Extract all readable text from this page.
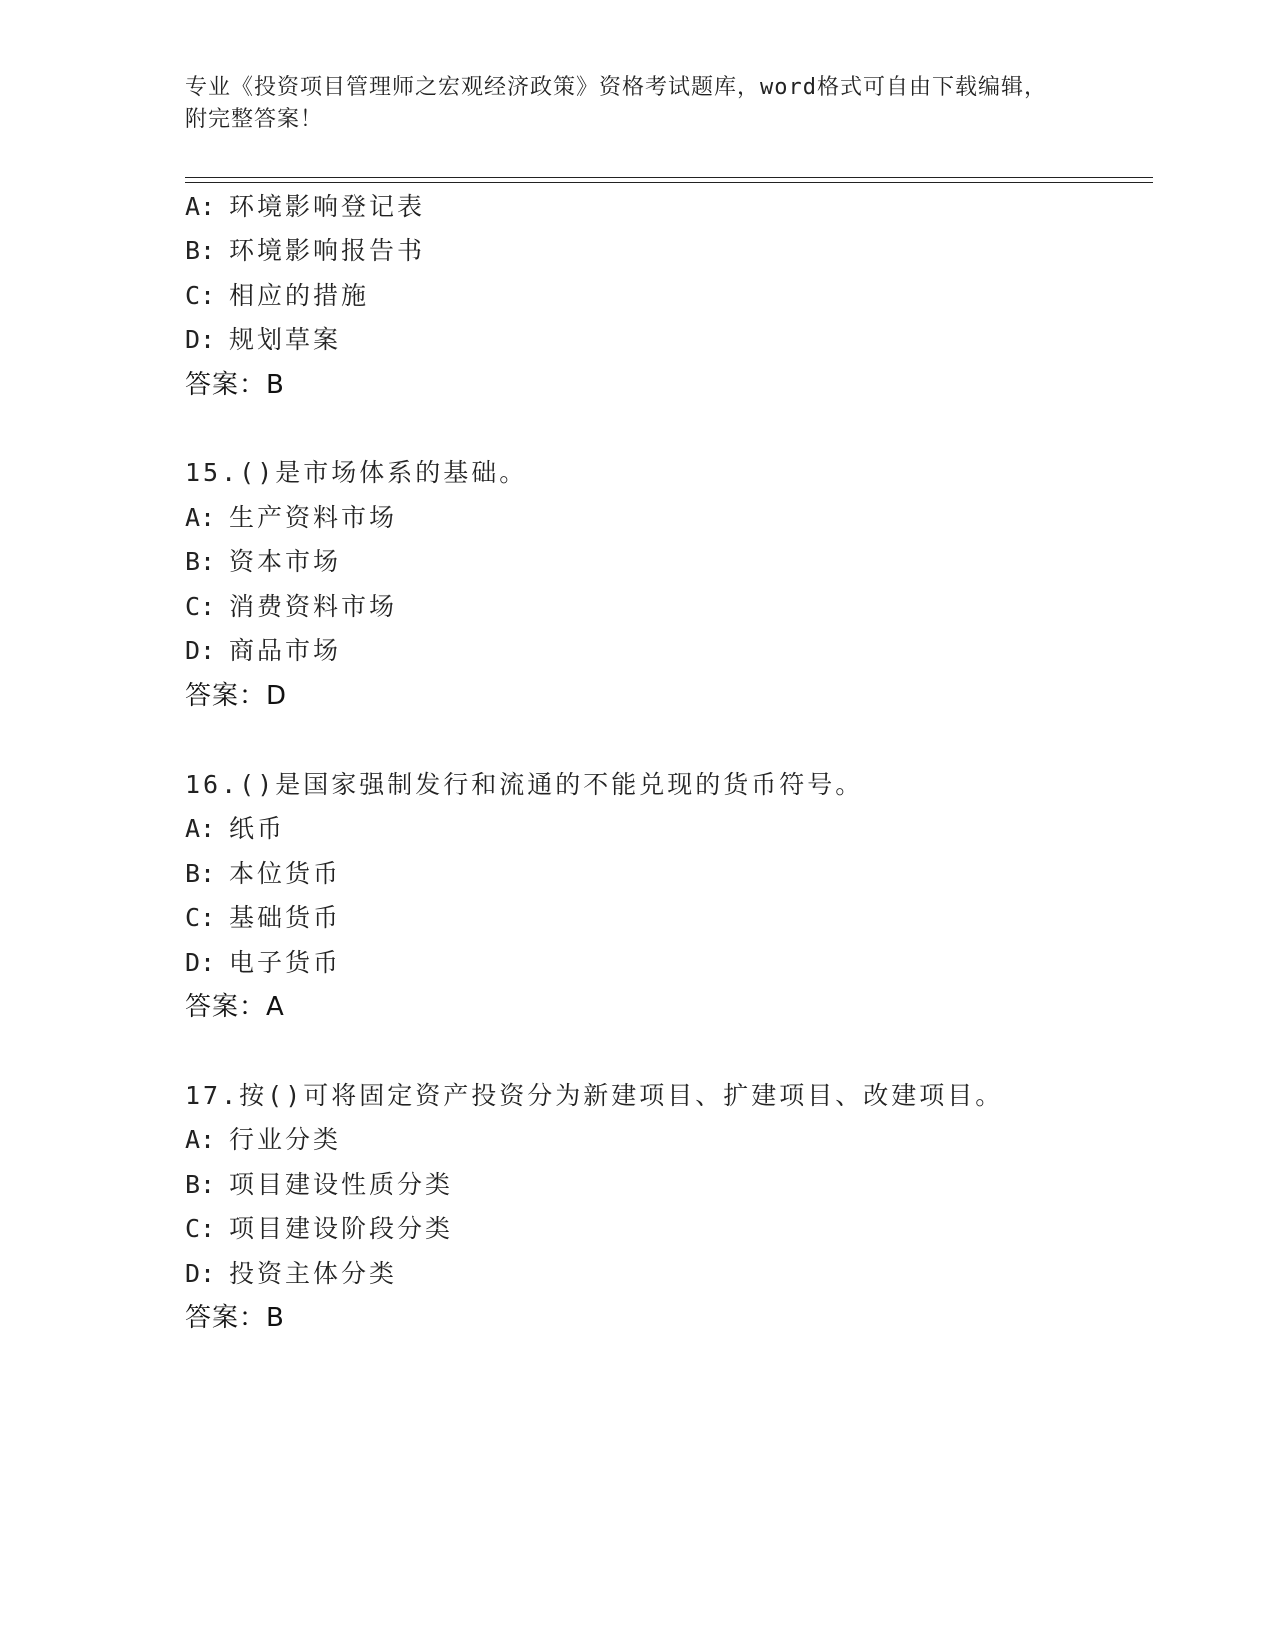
专业《投资项目管理师之宏观经济政策》资格考试题库，word格式可自由下载编辑，附完整答案！
A: 环境影响登记表
B: 环境影响报告书
C: 相应的措施
D: 规划草案
答案：B
15.()是市场体系的基础。
A: 生产资料市场
B: 资本市场
C: 消费资料市场
D: 商品市场
答案：D
16.()是国家强制发行和流通的不能兑现的货币符号。
A: 纸币
B: 本位货币
C: 基础货币
D: 电子货币
答案：A
17.按()可将固定资产投资分为新建项目、扩建项目、改建项目。
A: 行业分类
B: 项目建设性质分类
C: 项目建设阶段分类
D: 投资主体分类
答案：B
